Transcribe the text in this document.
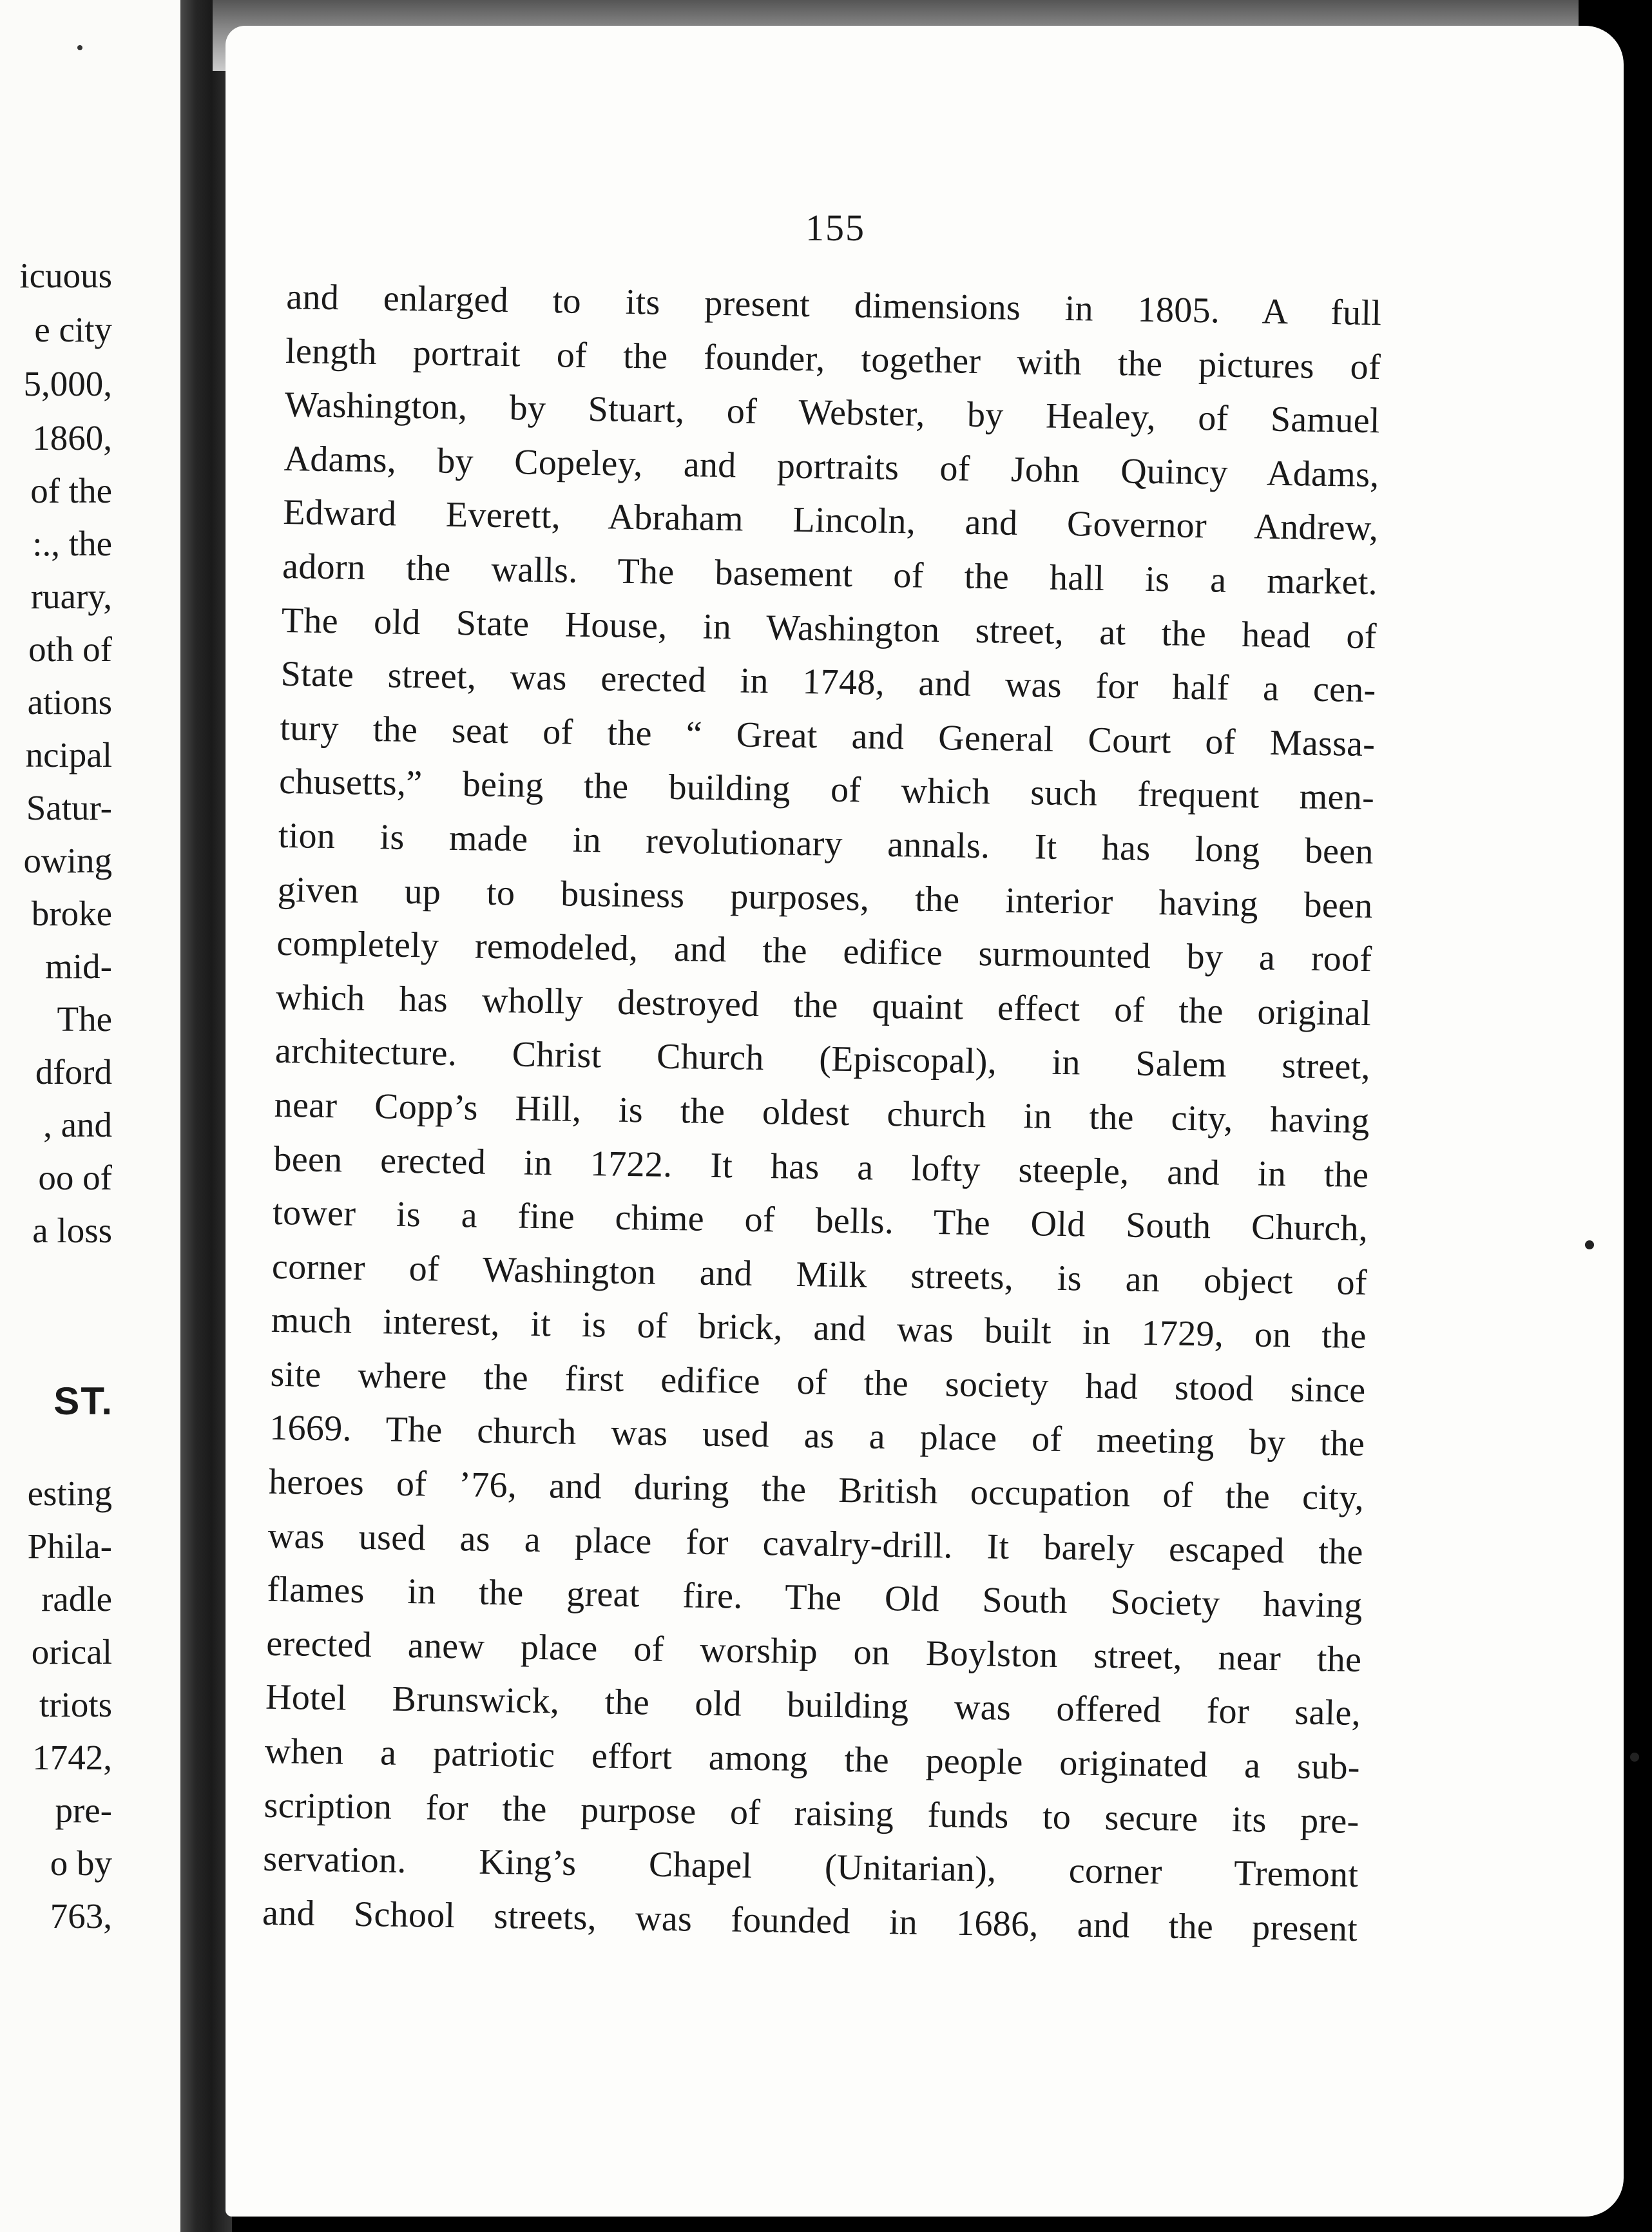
icuous
e city
5,000,
1860,
of the
:., the
ruary,
oth of
ations
ncipal
Satur-
owing
broke
mid-
The
dford
, and
oo of
a loss
ST.
esting
Phila-
radle
orical
triots
1742,
pre-
o by
763,
155
and enlarged to its present dimensions in 1805. A full
length portrait of the founder, together with the pictures of
Washington, by Stuart, of Webster, by Healey, of Samuel
Adams, by Copeley, and portraits of John Quincy Adams,
Edward Everett, Abraham Lincoln, and Governor Andrew,
adorn the walls. The basement of the hall is a market.
The old State House, in Washington street, at the head of
State street, was erected in 1748, and was for half a cen-
tury the seat of the “ Great and General Court of Massa-
chusetts,” being the building of which such frequent men-
tion is made in revolutionary annals. It has long been
given up to business purposes, the interior having been
completely remodeled, and the edifice surmounted by a roof
which has wholly destroyed the quaint effect of the original
architecture. Christ Church (Episcopal), in Salem street,
near Copp’s Hill, is the oldest church in the city, having
been erected in 1722. It has a lofty steeple, and in the
tower is a fine chime of bells. The Old South Church,
corner of Washington and Milk streets, is an object of
much interest, it is of brick, and was built in 1729, on the
site where the first edifice of the society had stood since
1669. The church was used as a place of meeting by the
heroes of ’76, and during the British occupation of the city,
was used as a place for cavalry-drill. It barely escaped the
flames in the great fire. The Old South Society having
erected anew place of worship on Boylston street, near the
Hotel Brunswick, the old building was offered for sale,
when a patriotic effort among the people originated a sub-
scription for the purpose of raising funds to secure its pre-
servation. King’s Chapel (Unitarian), corner Tremont
and School streets, was founded in 1686, and the present
